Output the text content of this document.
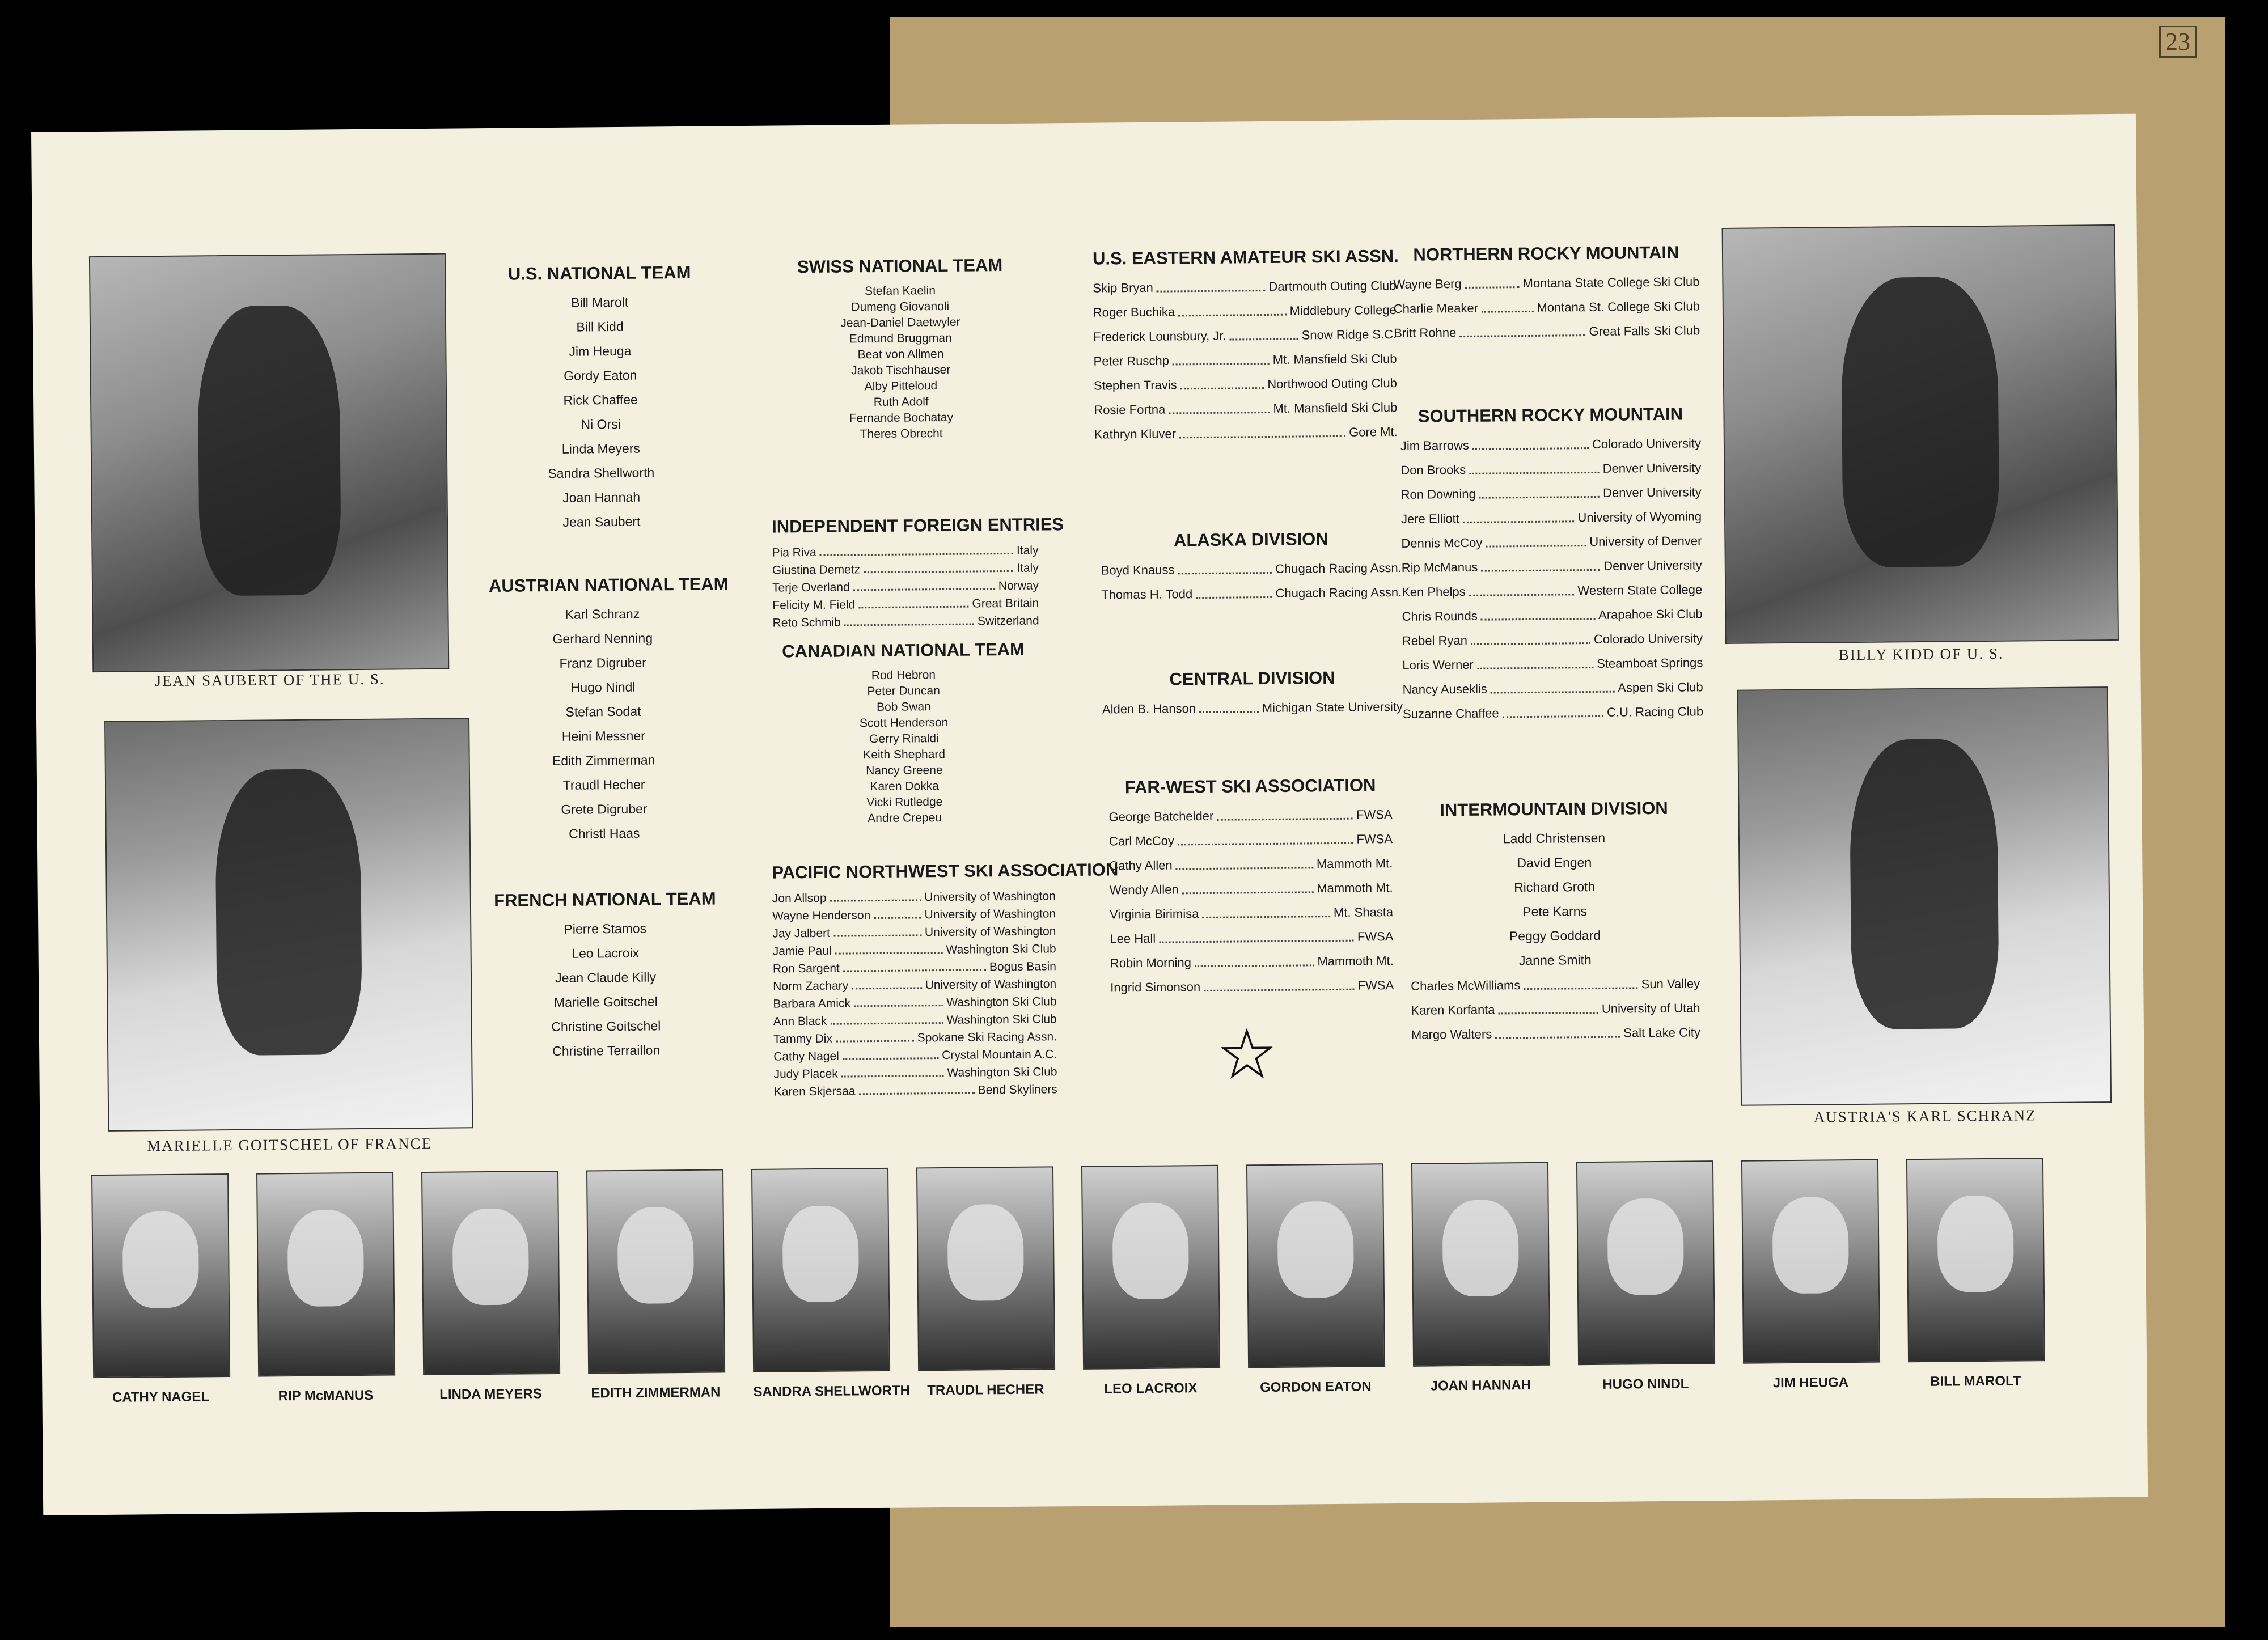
23
JEAN SAUBERT OF THE U. S.
MARIELLE GOITSCHEL OF FRANCE
U.S. NATIONAL TEAM
Bill Marolt
Bill Kidd
Jim Heuga
Gordy Eaton
Rick Chaffee
Ni Orsi
Linda Meyers
Sandra Shellworth
Joan Hannah
Jean Saubert
AUSTRIAN NATIONAL TEAM
Karl Schranz
Gerhard Nenning
Franz Digruber
Hugo Nindl
Stefan Sodat
Heini Messner
Edith Zimmerman
Traudl Hecher
Grete Digruber
Christl Haas
FRENCH NATIONAL TEAM
Pierre Stamos
Leo Lacroix
Jean Claude Killy
Marielle Goitschel
Christine Goitschel
Christine Terraillon
SWISS NATIONAL TEAM
Stefan Kaelin
Dumeng Giovanoli
Jean-Daniel Daetwyler
Edmund Bruggman
Beat von Allmen
Jakob Tischhauser
Alby Pitteloud
Ruth Adolf
Fernande Bochatay
Theres Obrecht
INDEPENDENT FOREIGN ENTRIES
Pia Riva	Italy
Giustina Demetz	Italy
Terje Overland	Norway
Felicity M. Field	Great Britain
Reto Schmib	Switzerland
CANADIAN NATIONAL TEAM
Rod Hebron
Peter Duncan
Bob Swan
Scott Henderson
Gerry Rinaldi
Keith Shephard
Nancy Greene
Karen Dokka
Vicki Rutledge
Andre Crepeu
PACIFIC NORTHWEST SKI ASSOCIATION
Jon Allsop	University of Washington
Wayne Henderson	University of Washington
Jay Jalbert	University of Washington
Jamie Paul	Washington Ski Club
Ron Sargent	Bogus Basin
Norm Zachary	University of Washington
Barbara Amick	Washington Ski Club
Ann Black	Washington Ski Club
Tammy Dix	Spokane Ski Racing Assn.
Cathy Nagel	Crystal Mountain A.C.
Judy Placek	Washington Ski Club
Karen Skjersaa	Bend Skyliners
U.S. EASTERN AMATEUR SKI ASSN.
Skip Bryan	Dartmouth Outing Club
Roger Buchika	Middlebury College
Frederick Lounsbury, Jr.	Snow Ridge S.C.
Peter Ruschp	Mt. Mansfield Ski Club
Stephen Travis	Northwood Outing Club
Rosie Fortna	Mt. Mansfield Ski Club
Kathryn Kluver	Gore Mt.
ALASKA DIVISION
Boyd Knauss	Chugach Racing Assn.
Thomas H. Todd	Chugach Racing Assn.
CENTRAL DIVISION
Alden B. Hanson	Michigan State University
FAR-WEST SKI ASSOCIATION
George Batchelder	FWSA
Carl McCoy	FWSA
Cathy Allen	Mammoth Mt.
Wendy Allen	Mammoth Mt.
Virginia Birimisa	Mt. Shasta
Lee Hall	FWSA
Robin Morning	Mammoth Mt.
Ingrid Simonson	FWSA
NORTHERN ROCKY MOUNTAIN
Wayne Berg	Montana State College Ski Club
Charlie Meaker	Montana St. College Ski Club
Britt Rohne	Great Falls Ski Club
SOUTHERN ROCKY MOUNTAIN
Jim Barrows	Colorado University
Don Brooks	Denver University
Ron Downing	Denver University
Jere Elliott	University of Wyoming
Dennis McCoy	University of Denver
Rip McManus	Denver University
Ken Phelps	Western State College
Chris Rounds	Arapahoe Ski Club
Rebel Ryan	Colorado University
Loris Werner	Steamboat Springs
Nancy Auseklis	Aspen Ski Club
Suzanne Chaffee	C.U. Racing Club
INTERMOUNTAIN DIVISION
Ladd Christensen
David Engen
Richard Groth
Pete Karns
Peggy Goddard
Janne Smith
Charles McWilliams	Sun Valley
Karen Korfanta	University of Utah
Margo Walters	Salt Lake City
BILLY KIDD OF U. S.
AUSTRIA'S KARL SCHRANZ
CATHY NAGEL	RIP McMANUS	LINDA MEYERS	EDITH ZIMMERMAN SANDRA SHELLWORTH	TRAUDL HECHER	LEO LACROIX	GORDON EATON	JOAN HANNAH	HUGO NINDL	JIM HEUGA	BILL MAROLT
